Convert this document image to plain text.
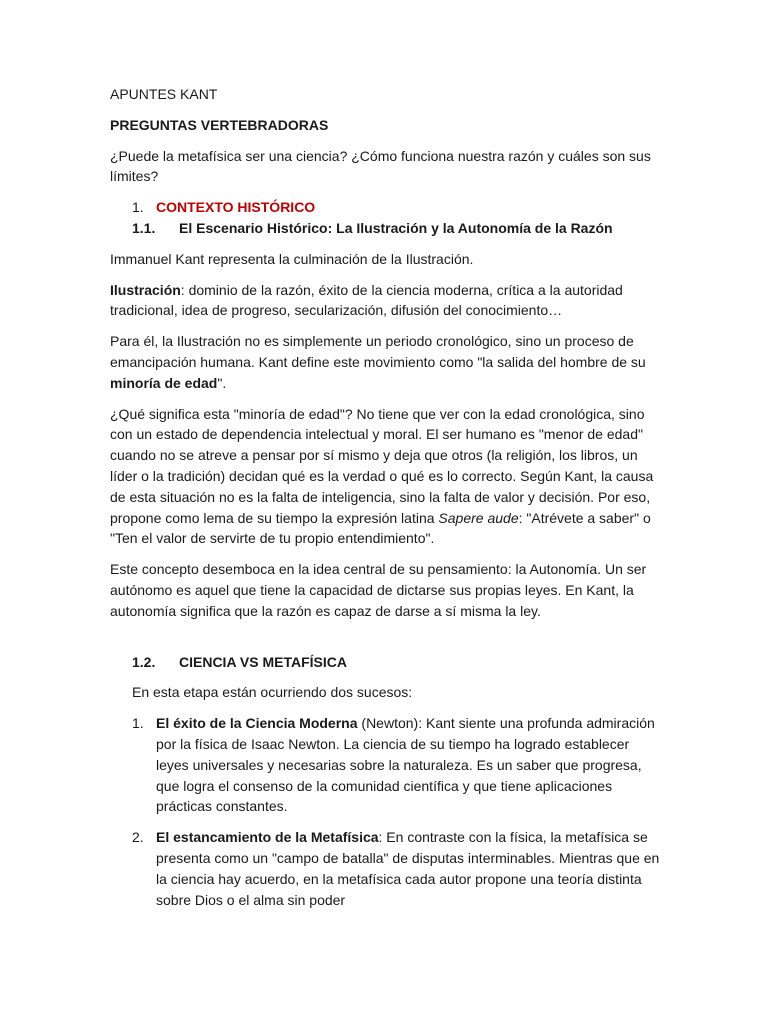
APUNTES KANT

PREGUNTAS VERTEBRADORAS

¿Puede la metafísica ser una ciencia? ¿Cómo funciona nuestra razón y cuáles son sus límites?

1. CONTEXTO HISTÓRICO
1.1.	El Escenario Histórico: La Ilustración y la Autonomía de la Razón

Immanuel Kant representa la culminación de la Ilustración.

Ilustración: dominio de la razón, éxito de la ciencia moderna, crítica a la autoridad tradicional, idea de progreso, secularización, difusión del conocimiento…

Para él, la Ilustración no es simplemente un periodo cronológico, sino un proceso de emancipación humana. Kant define este movimiento como "la salida del hombre de su minoría de edad".

¿Qué significa esta "minoría de edad"? No tiene que ver con la edad cronológica, sino con un estado de dependencia intelectual y moral. El ser humano es "menor de edad" cuando no se atreve a pensar por sí mismo y deja que otros (la religión, los libros, un líder o la tradición) decidan qué es la verdad o qué es lo correcto. Según Kant, la causa de esta situación no es la falta de inteligencia, sino la falta de valor y decisión. Por eso, propone como lema de su tiempo la expresión latina Sapere aude: "Atrévete a saber" o "Ten el valor de servirte de tu propio entendimiento".

Este concepto desemboca en la idea central de su pensamiento: la Autonomía. Un ser autónomo es aquel que tiene la capacidad de dictarse sus propias leyes. En Kant, la autonomía significa que la razón es capaz de darse a sí misma la ley.

1.2.	CIENCIA VS METAFÍSICA

En esta etapa están ocurriendo dos sucesos:

1. El éxito de la Ciencia Moderna (Newton): Kant siente una profunda admiración por la física de Isaac Newton. La ciencia de su tiempo ha logrado establecer leyes universales y necesarias sobre la naturaleza. Es un saber que progresa, que logra el consenso de la comunidad científica y que tiene aplicaciones prácticas constantes.
2. El estancamiento de la Metafísica: En contraste con la física, la metafísica se presenta como un "campo de batalla" de disputas interminables. Mientras que en la ciencia hay acuerdo, en la metafísica cada autor propone una teoría distinta sobre Dios o el alma sin poder
